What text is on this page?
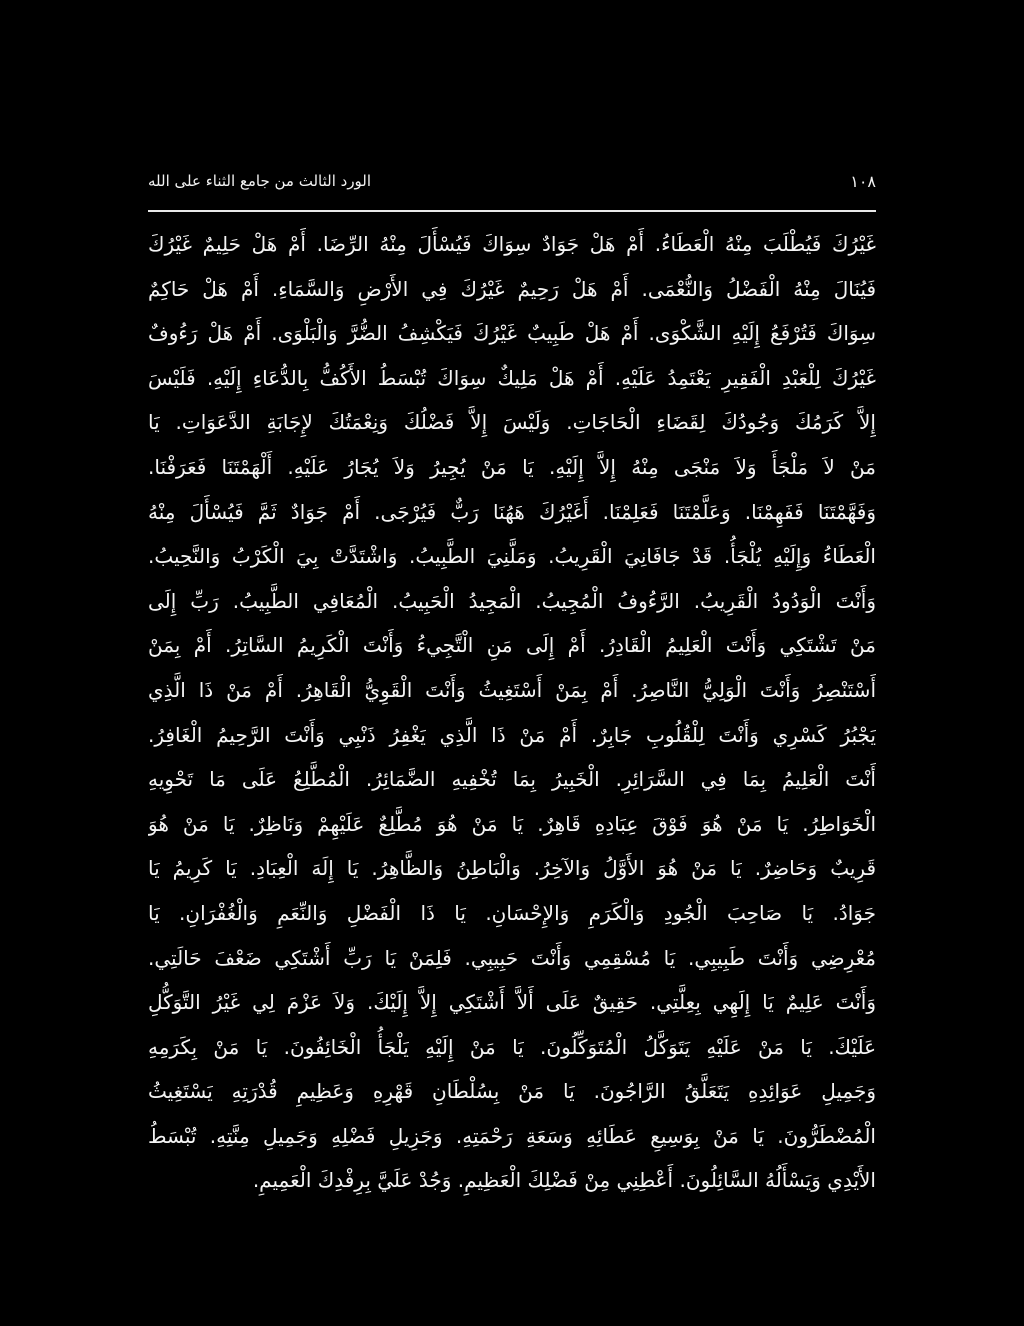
الورد الثالث من جامع الثناء على الله	١٠٨
غَيْرُكَ فَيُطْلَبَ مِنْهُ الْعَطَاءُ. أَمْ هَلْ جَوَادٌ سِوَاكَ فَيُسْأَلَ مِنْهُ الرِّضَا. أَمْ هَلْ حَلِيمٌ غَيْرُكَ
فَيُنَالَ مِنْهُ الْفَضْلُ وَالنُّعْمَى. أَمْ هَلْ رَحِيمٌ غَيْرُكَ فِي الأَرْضِ وَالسَّمَاءِ. أَمْ هَلْ حَاكِمٌ
سِوَاكَ فَتُرْفَعُ إِلَيْهِ الشَّكْوَى. أَمْ هَلْ طَبِيبٌ غَيْرُكَ فَيَكْشِفُ الضُّرَّ وَالْبَلْوَى. أَمْ هَلْ رَءُوفٌ
غَيْرُكَ لِلْعَبْدِ الْفَقِيرِ يَعْتَمِدُ عَلَيْهِ. أَمْ هَلْ مَلِيكٌ سِوَاكَ تُبْسَطُ الأَكُفُّ بِالدُّعَاءِ إِلَيْهِ. فَلَيْسَ
إِلاَّ كَرَمُكَ وَجُودُكَ لِقَضَاءِ الْحَاجَاتِ. وَلَيْسَ إِلاَّ فَضْلُكَ وَنِعْمَتُكَ لإِجَابَةِ الدَّعَوَاتِ. يَا
مَنْ لاَ مَلْجَأَ وَلاَ مَنْجَى مِنْهُ إِلاَّ إِلَيْهِ. يَا مَنْ يُجِيرُ وَلاَ يُجَارُ عَلَيْهِ. أَلْهَمْتَنَا فَعَرَفْنَا.
وَفَهَّمْتَنَا فَفَهِمْنَا. وَعَلَّمْتَنَا فَعَلِمْنَا. أَغَيْرُكَ هَهُنَا رَبٌّ فَيُرْجَى. أَمْ جَوَادٌ ثَمَّ فَيُسْأَلَ مِنْهُ
الْعَطَاءُ وَإِلَيْهِ يُلْجَأُ. قَدْ جَافَانِيَ الْقَرِيبُ. وَمَلَّنِيَ الطَّبِيبُ. وَاشْتَدَّتْ بِيَ الْكَرْبُ وَالنَّحِيبُ.
وَأَنْتَ الْوَدُودُ الْقَرِيبُ. الرَّءُوفُ الْمُجِيبُ. الْمَجِيدُ الْحَبِيبُ. الْمُعَافِي الطَّبِيبُ. رَبِّ إِلَى
مَنْ تَشْتَكِي وَأَنْتَ الْعَلِيمُ الْقَادِرُ. أَمْ إِلَى مَنِ الْتَّجِيءُ وَأَنْتَ الْكَرِيمُ السَّاتِرُ. أَمْ بِمَنْ
أَسْتَنْصِرُ وَأَنْتَ الْوَلِيُّ النَّاصِرُ. أَمْ بِمَنْ أَسْتَغِيثُ وَأَنْتَ الْقَوِيُّ الْقَاهِرُ. أَمْ مَنْ ذَا الَّذِي
يَجْبُرُ كَسْرِي وَأَنْتَ لِلْقُلُوبِ جَابِرٌ. أَمْ مَنْ ذَا الَّذِي يَغْفِرُ ذَنْبِي وَأَنْتَ الرَّحِيمُ الْغَافِرُ.
أَنْتَ الْعَلِيمُ بِمَا فِي السَّرَائِرِ. الْخَبِيرُ بِمَا تُخْفِيهِ الضَّمَائِرُ. الْمُطَّلِعُ عَلَى مَا تَحْوِيهِ
الْخَوَاطِرُ. يَا مَنْ هُوَ فَوْقَ عِبَادِهِ قَاهِرٌ. يَا مَنْ هُوَ مُطَّلِعٌ عَلَيْهِمْ وَنَاظِرٌ. يَا مَنْ هُوَ
قَرِيبٌ وَحَاضِرٌ. يَا مَنْ هُوَ الأَوَّلُ وَالآخِرُ. وَالْبَاطِنُ وَالظَّاهِرُ. يَا إِلَهَ الْعِبَادِ. يَا كَرِيمُ يَا
جَوَادُ. يَا صَاحِبَ الْجُودِ وَالْكَرَمِ وَالإِحْسَانِ. يَا ذَا الْفَضْلِ وَالنِّعَمِ وَالْغُفْرَانِ. يَا
مُعْرِضِي وَأَنْتَ طَبِيبِي. يَا مُسْقِمِي وَأَنْتَ حَبِيبِي. فَلِمَنْ يَا رَبِّ أَشْتَكِي ضَعْفَ حَالَتِي.
وَأَنْتَ عَلِيمٌ يَا إِلَهِي بِعِلَّتِي. حَقِيقٌ عَلَى أَلاَّ أَشْتَكِي إِلاَّ إِلَيْكَ. وَلاَ عَزْمَ لِي غَيْرُ التَّوَكُّلِ
عَلَيْكَ. يَا مَنْ عَلَيْهِ يَتَوَكَّلُ الْمُتَوَكِّلُونَ. يَا مَنْ إِلَيْهِ يَلْجَأُ الْخَائِفُونَ. يَا مَنْ بِكَرَمِهِ
وَجَمِيلِ عَوَائِدِهِ يَتَعَلَّقُ الرَّاجُونَ. يَا مَنْ بِسُلْطَانِ قَهْرِهِ وَعَظِيمِ قُدْرَتِهِ يَسْتَغِيثُ
الْمُضْطَرُّونَ. يَا مَنْ بِوَسِيعِ عَطَائِهِ وَسَعَةِ رَحْمَتِهِ. وَجَزِيلِ فَضْلِهِ وَجَمِيلِ مِنَّتِهِ. تُبْسَطُ
الأَيْدِي وَيَسْأَلُهُ السَّائِلُونَ. أَعْطِنِي مِنْ فَضْلِكَ الْعَظِيمِ. وَجُدْ عَلَيَّ بِرِفْدِكَ الْعَمِيمِ.
